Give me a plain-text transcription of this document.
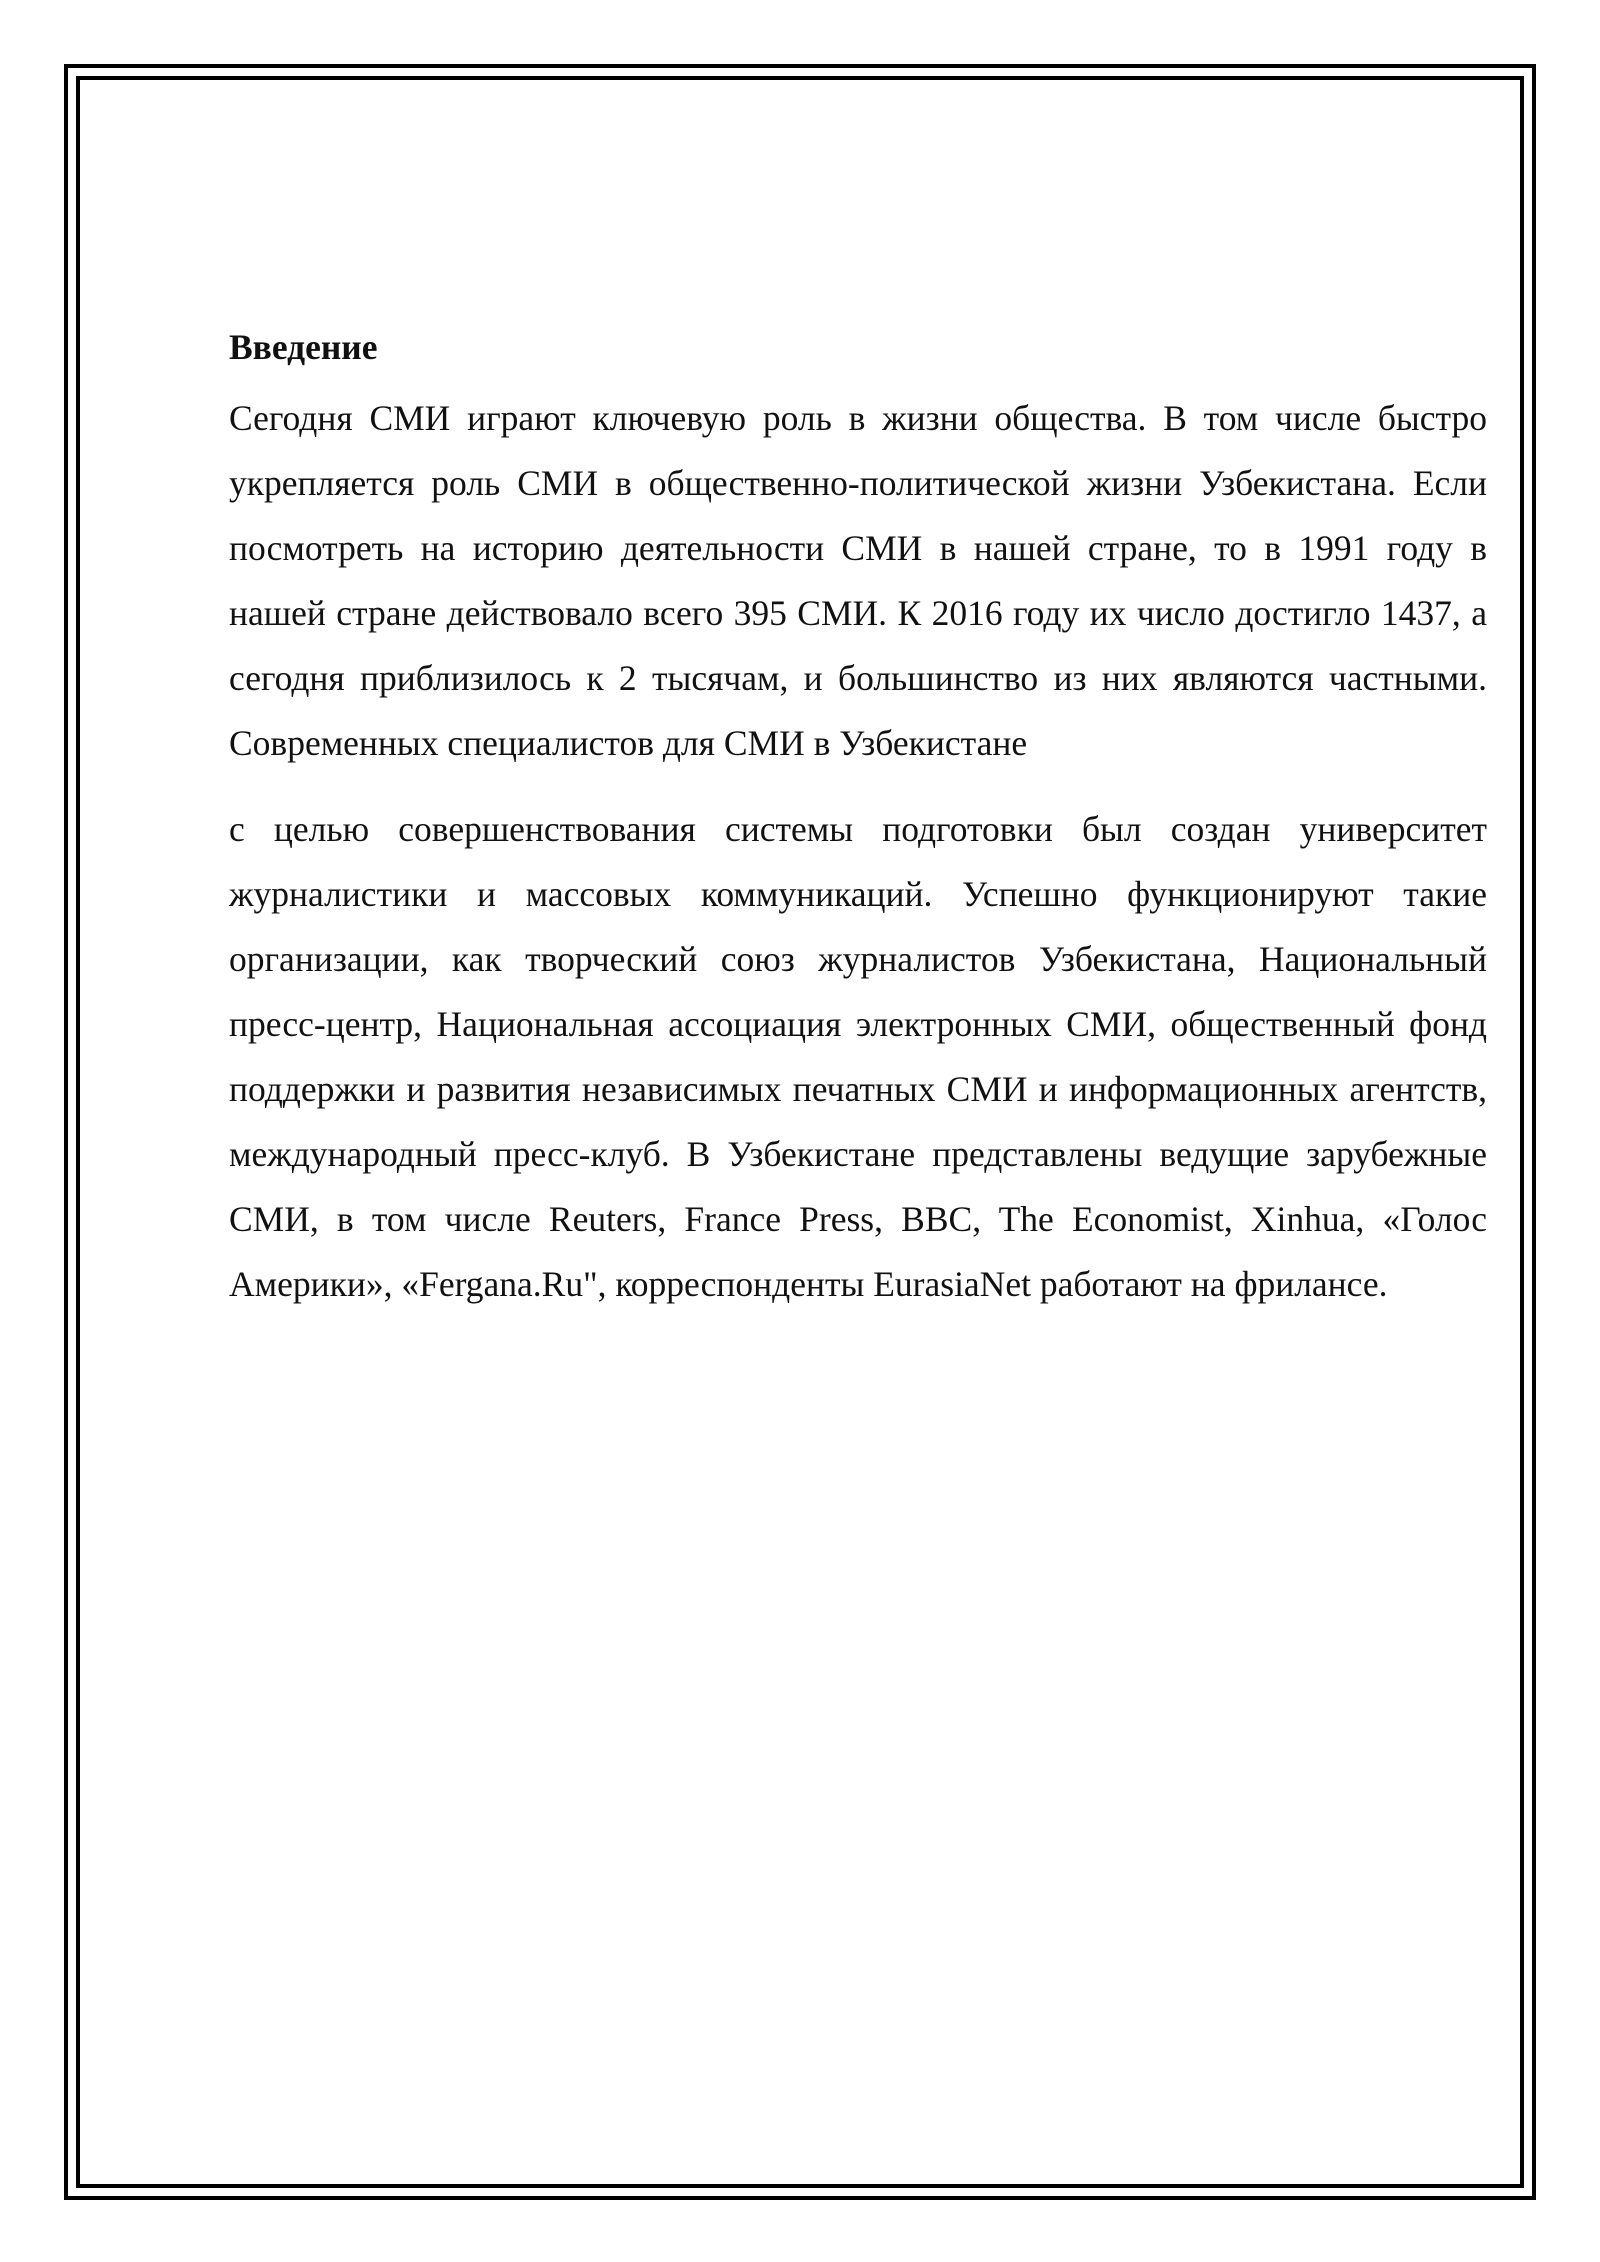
Введение

Сегодня СМИ играют ключевую роль в жизни общества. В том числе быстро укрепляется роль СМИ в общественно-политической жизни Узбекистана. Если посмотреть на историю деятельности СМИ в нашей стране, то в 1991 году в нашей стране действовало всего 395 СМИ. К 2016 году их число достигло 1437, а сегодня приблизилось к 2 тысячам, и большинство из них являются частными. Современных специалистов для СМИ в Узбекистане

с целью совершенствования системы подготовки был создан университет журналистики и массовых коммуникаций. Успешно функционируют такие организации, как творческий союз журналистов Узбекистана, Национальный пресс-центр, Национальная ассоциация электронных СМИ, общественный фонд поддержки и развития независимых печатных СМИ и информационных агентств, международный пресс-клуб. В Узбекистане представлены ведущие зарубежные СМИ, в том числе Reuters, France Press, BBC, The Economist, Xinhua, «Голос Америки», «Fergana.Ru", корреспонденты EurasiaNet работают на фрилансе.
